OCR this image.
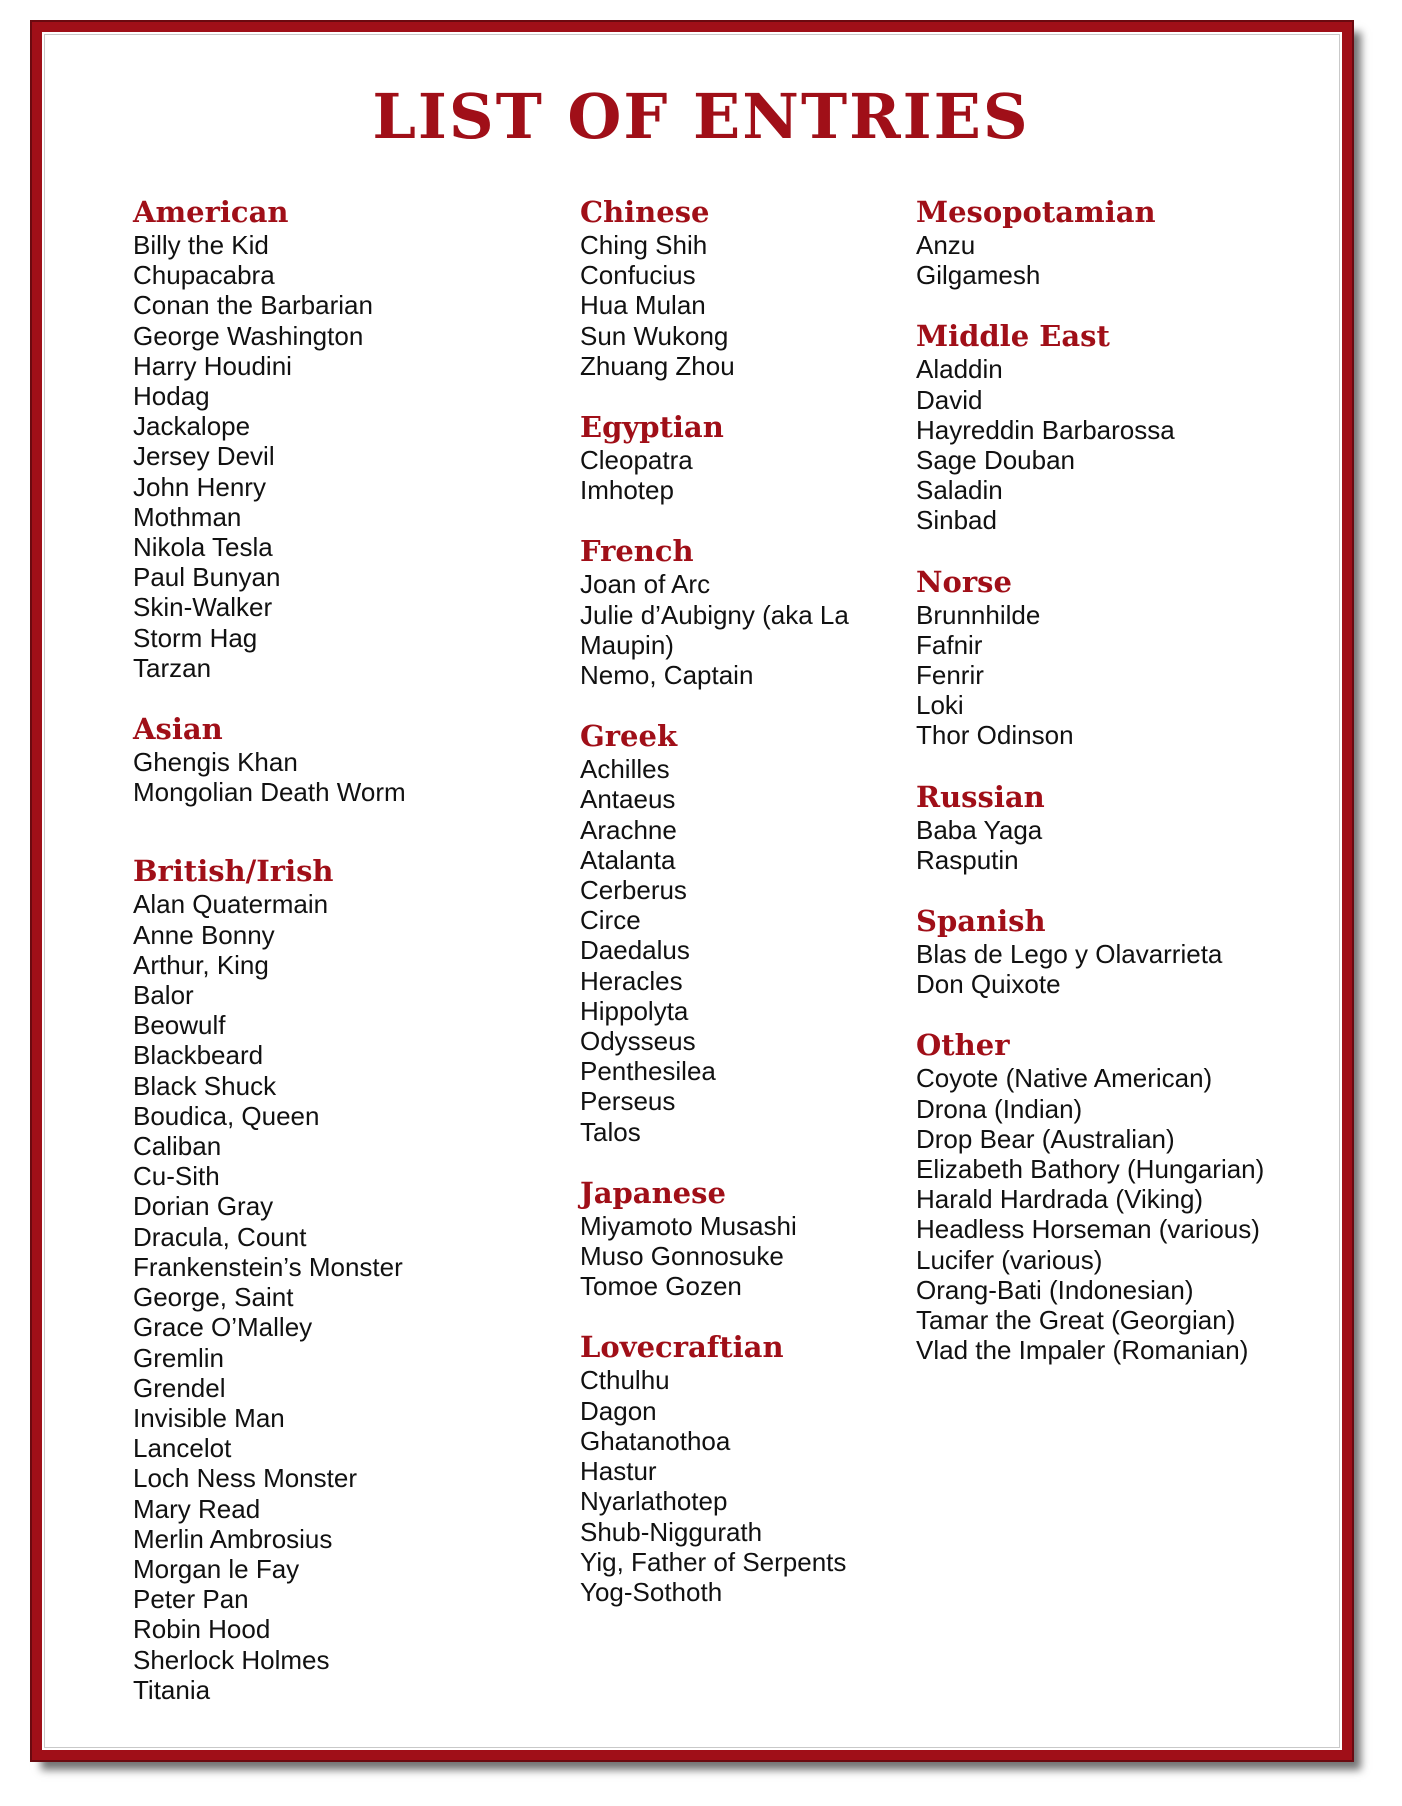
LIST OF ENTRIES
American
Billy the Kid
Chupacabra
Conan the Barbarian
George Washington
Harry Houdini
Hodag
Jackalope
Jersey Devil
John Henry
Mothman
Nikola Tesla
Paul Bunyan
Skin-Walker
Storm Hag
Tarzan
Asian
Ghengis Khan
Mongolian Death Worm
British/Irish
Alan Quatermain
Anne Bonny
Arthur, King
Balor
Beowulf
Blackbeard
Black Shuck
Boudica, Queen
Caliban
Cu-Sith
Dorian Gray
Dracula, Count
Frankenstein’s Monster
George, Saint
Grace O’Malley
Gremlin
Grendel
Invisible Man
Lancelot
Loch Ness Monster
Mary Read
Merlin Ambrosius
Morgan le Fay
Peter Pan
Robin Hood
Sherlock Holmes
Titania
Chinese
Ching Shih
Confucius
Hua Mulan
Sun Wukong
Zhuang Zhou
Egyptian
Cleopatra
Imhotep
French
Joan of Arc
Julie d’Aubigny (aka La Maupin)
Nemo, Captain
Greek
Achilles
Antaeus
Arachne
Atalanta
Cerberus
Circe
Daedalus
Heracles
Hippolyta
Odysseus
Penthesilea
Perseus
Talos
Japanese
Miyamoto Musashi
Muso Gonnosuke
Tomoe Gozen
Lovecraftian
Cthulhu
Dagon
Ghatanothoa
Hastur
Nyarlathotep
Shub-Niggurath
Yig, Father of Serpents
Yog-Sothoth
Mesopotamian
Anzu
Gilgamesh
Middle East
Aladdin
David
Hayreddin Barbarossa
Sage Douban
Saladin
Sinbad
Norse
Brunnhilde
Fafnir
Fenrir
Loki
Thor Odinson
Russian
Baba Yaga
Rasputin
Spanish
Blas de Lego y Olavarrieta
Don Quixote
Other
Coyote (Native American)
Drona (Indian)
Drop Bear (Australian)
Elizabeth Bathory (Hungarian)
Harald Hardrada (Viking)
Headless Horseman (various)
Lucifer (various)
Orang-Bati (Indonesian)
Tamar the Great (Georgian)
Vlad the Impaler (Romanian)
